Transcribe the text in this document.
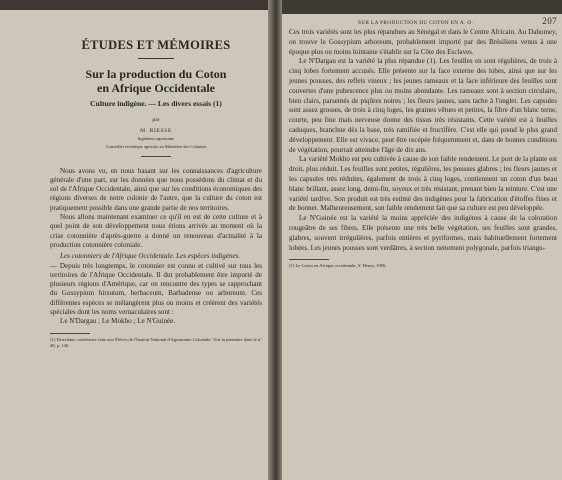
ÉTUDES ET MÉMOIRES
Sur la production du Coton
en Afrique Occidentale
Culture indigène. — Les divers essais (1)
par
M. RIESSE
Ingénieur agronome
Conseiller technique agricole au Ministère des Colonies

Nous avons vu, en nous basant sur les connaissances d'agriculture générale d'une part, sur les données que nous possédons du climat et du sol de l'Afrique Occidentale, ainsi que sur les conditions économiques des régions diverses de notre colonie de l'autre, que la culture du coton est pratiquement possible dans une grande partie de nos territoires.

Nous allons maintenant examiner ce qu'il en est de cette culture et à quel point de son développement nous étions arrivés au moment où la crise cotonnière d'après-guerre a donné un renouveau d'actualité à la production cotonnière coloniale.

Les cotonniers de l'Afrique Occidentale. Les espèces indigènes.

— Depuis très longtemps, le cotonnier est connu et cultivé sur tous les territoires de l'Afrique Occidentale. Il dut probablement être importé de plusieurs régions d'Amérique, car on rencontre des types se rapprochant du Gossypium hirsutum, herbaceum, Barbadense ou arboreum. Ces différentes espèces se mélangèrent plus ou moins et créèrent des variétés spéciales dont les noms vernaculaires sont :

Le N'Dargau ; Le Mokho ; Le N'Guinée.

(1) Deuxième conférence faite aux Élèves de l'Institut National d'Agronomie Coloniale. Voir la première dans le n° 48, p. 146.
SUR LA PRODUCTION DU COTON EN A. O.	207

Ces trois variétés sont les plus répandues au Sénégal et dans le Centre Africain. Au Dahomey, on trouve le Gossypium arboreum, probablement importé par des Brésiliens venus à une époque plus ou moins lointaine s'établir sur la Côte des Esclaves.

Le N'Dargau est la variété la plus répandue (1). Les feuilles en sont régulières, de trois à cinq lobes fortement accusés. Elle présente sur la face externe des lobes, ainsi que sur les jeunes pousses, des reflets vineux ; les jeunes rameaux et la face inférieure des feuilles sont couvertes d'une pubescence plus ou moins abondante. Les rameaux sont à section circulaire, bien clairs, parsemés de piqûres noires ; les fleurs jaunes, sans tache à l'onglet. Les capsules sont assez grosses, de trois à cinq loges, les graines vêtues et petites, la fibre d'un blanc terne, courte, peu fine mais nerveuse donne des tissus très résistants. Cette variété est à feuilles caduques, branchue dès la base, très ramifiée et fructifère. C'est elle qui prend le plus grand développement. Elle est vivace, peut être recépée fréquemment et, dans de bonnes conditions de végétation, pourrait atteindre l'âge de dix ans.

La variété Mokho est peu cultivée à cause de son faible rendement. Le port de la plante est droit, plus réduit. Les feuilles sont petites, régulières, les pousses glabres ; les fleurs jaunes et les capsules très réduites, également de trois à cinq loges, contiennent un coton d'un beau blanc brillant, assez long, demi-fin, soyeux et très résistant, prenant bien la teinture. C'est une variété tardive. Son produit est très estimé des indigènes pour la fabrication d'étoffes fines et de bonnet. Malheureusement, son faible rendement fait que sa culture est peu développée.

Le N'Guinée est la variété la moins appréciée des indigènes à cause de la coloration rougeâtre de ses fibres. Elle présente une très belle végétation, ses feuilles sont grandes, glabres, souvent irrégulières, parfois entières et pyriformes, mais habituellement fortement lobées. Les jeunes pousses sont verdâtres, à section nettement polygonale, parfois triangu-

(1) Le Coton en Afrique occidentale, Y. Henry, 1906.
